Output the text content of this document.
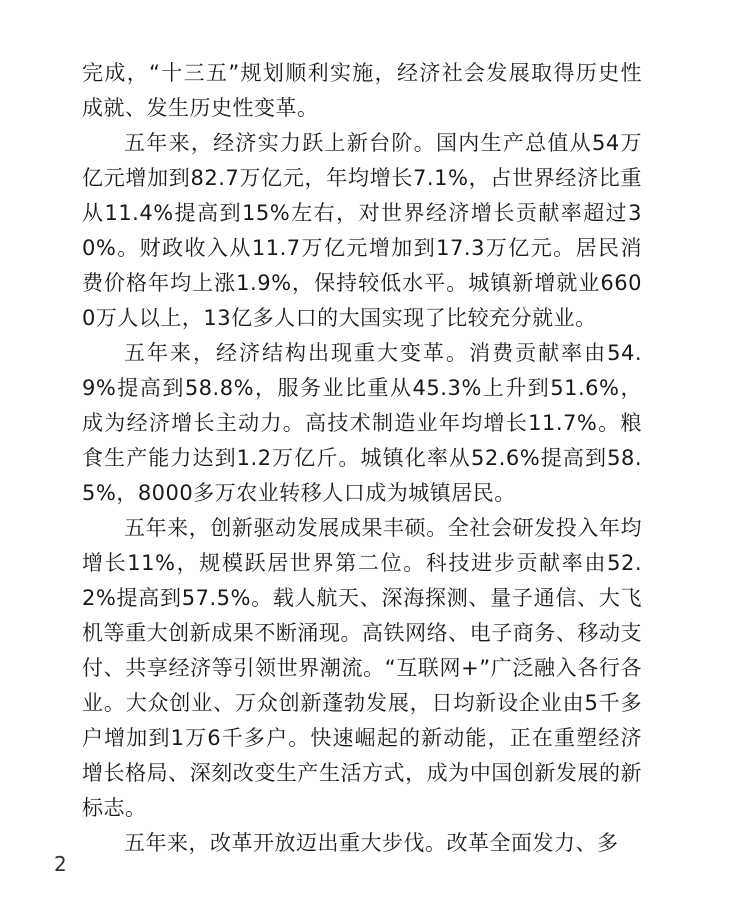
完成，“十三五”规划顺利实施，经济社会发展取得历史性成就、发生历史性变革。

五年来，经济实力跃上新台阶。国内生产总值从54万亿元增加到82.7万亿元，年均增长7.1%，占世界经济比重从11.4%提高到15%左右，对世界经济增长贡献率超过30%。财政收入从11.7万亿元增加到17.3万亿元。居民消费价格年均上涨1.9%，保持较低水平。城镇新增就业6600万人以上，13亿多人口的大国实现了比较充分就业。

五年来，经济结构出现重大变革。消费贡献率由54.9%提高到58.8%，服务业比重从45.3%上升到51.6%，成为经济增长主动力。高技术制造业年均增长11.7%。粮食生产能力达到1.2万亿斤。城镇化率从52.6%提高到58.5%，8000多万农业转移人口成为城镇居民。

五年来，创新驱动发展成果丰硕。全社会研发投入年均增长11%，规模跃居世界第二位。科技进步贡献率由52.2%提高到57.5%。载人航天、深海探测、量子通信、大飞机等重大创新成果不断涌现。高铁网络、电子商务、移动支付、共享经济等引领世界潮流。“互联网+”广泛融入各行各业。大众创业、万众创新蓬勃发展，日均新设企业由5千多户增加到1万6千多户。快速崛起的新动能，正在重塑经济增长格局、深刻改变生产生活方式，成为中国创新发展的新标志。

五年来，改革开放迈出重大步伐。改革全面发力、多

2
